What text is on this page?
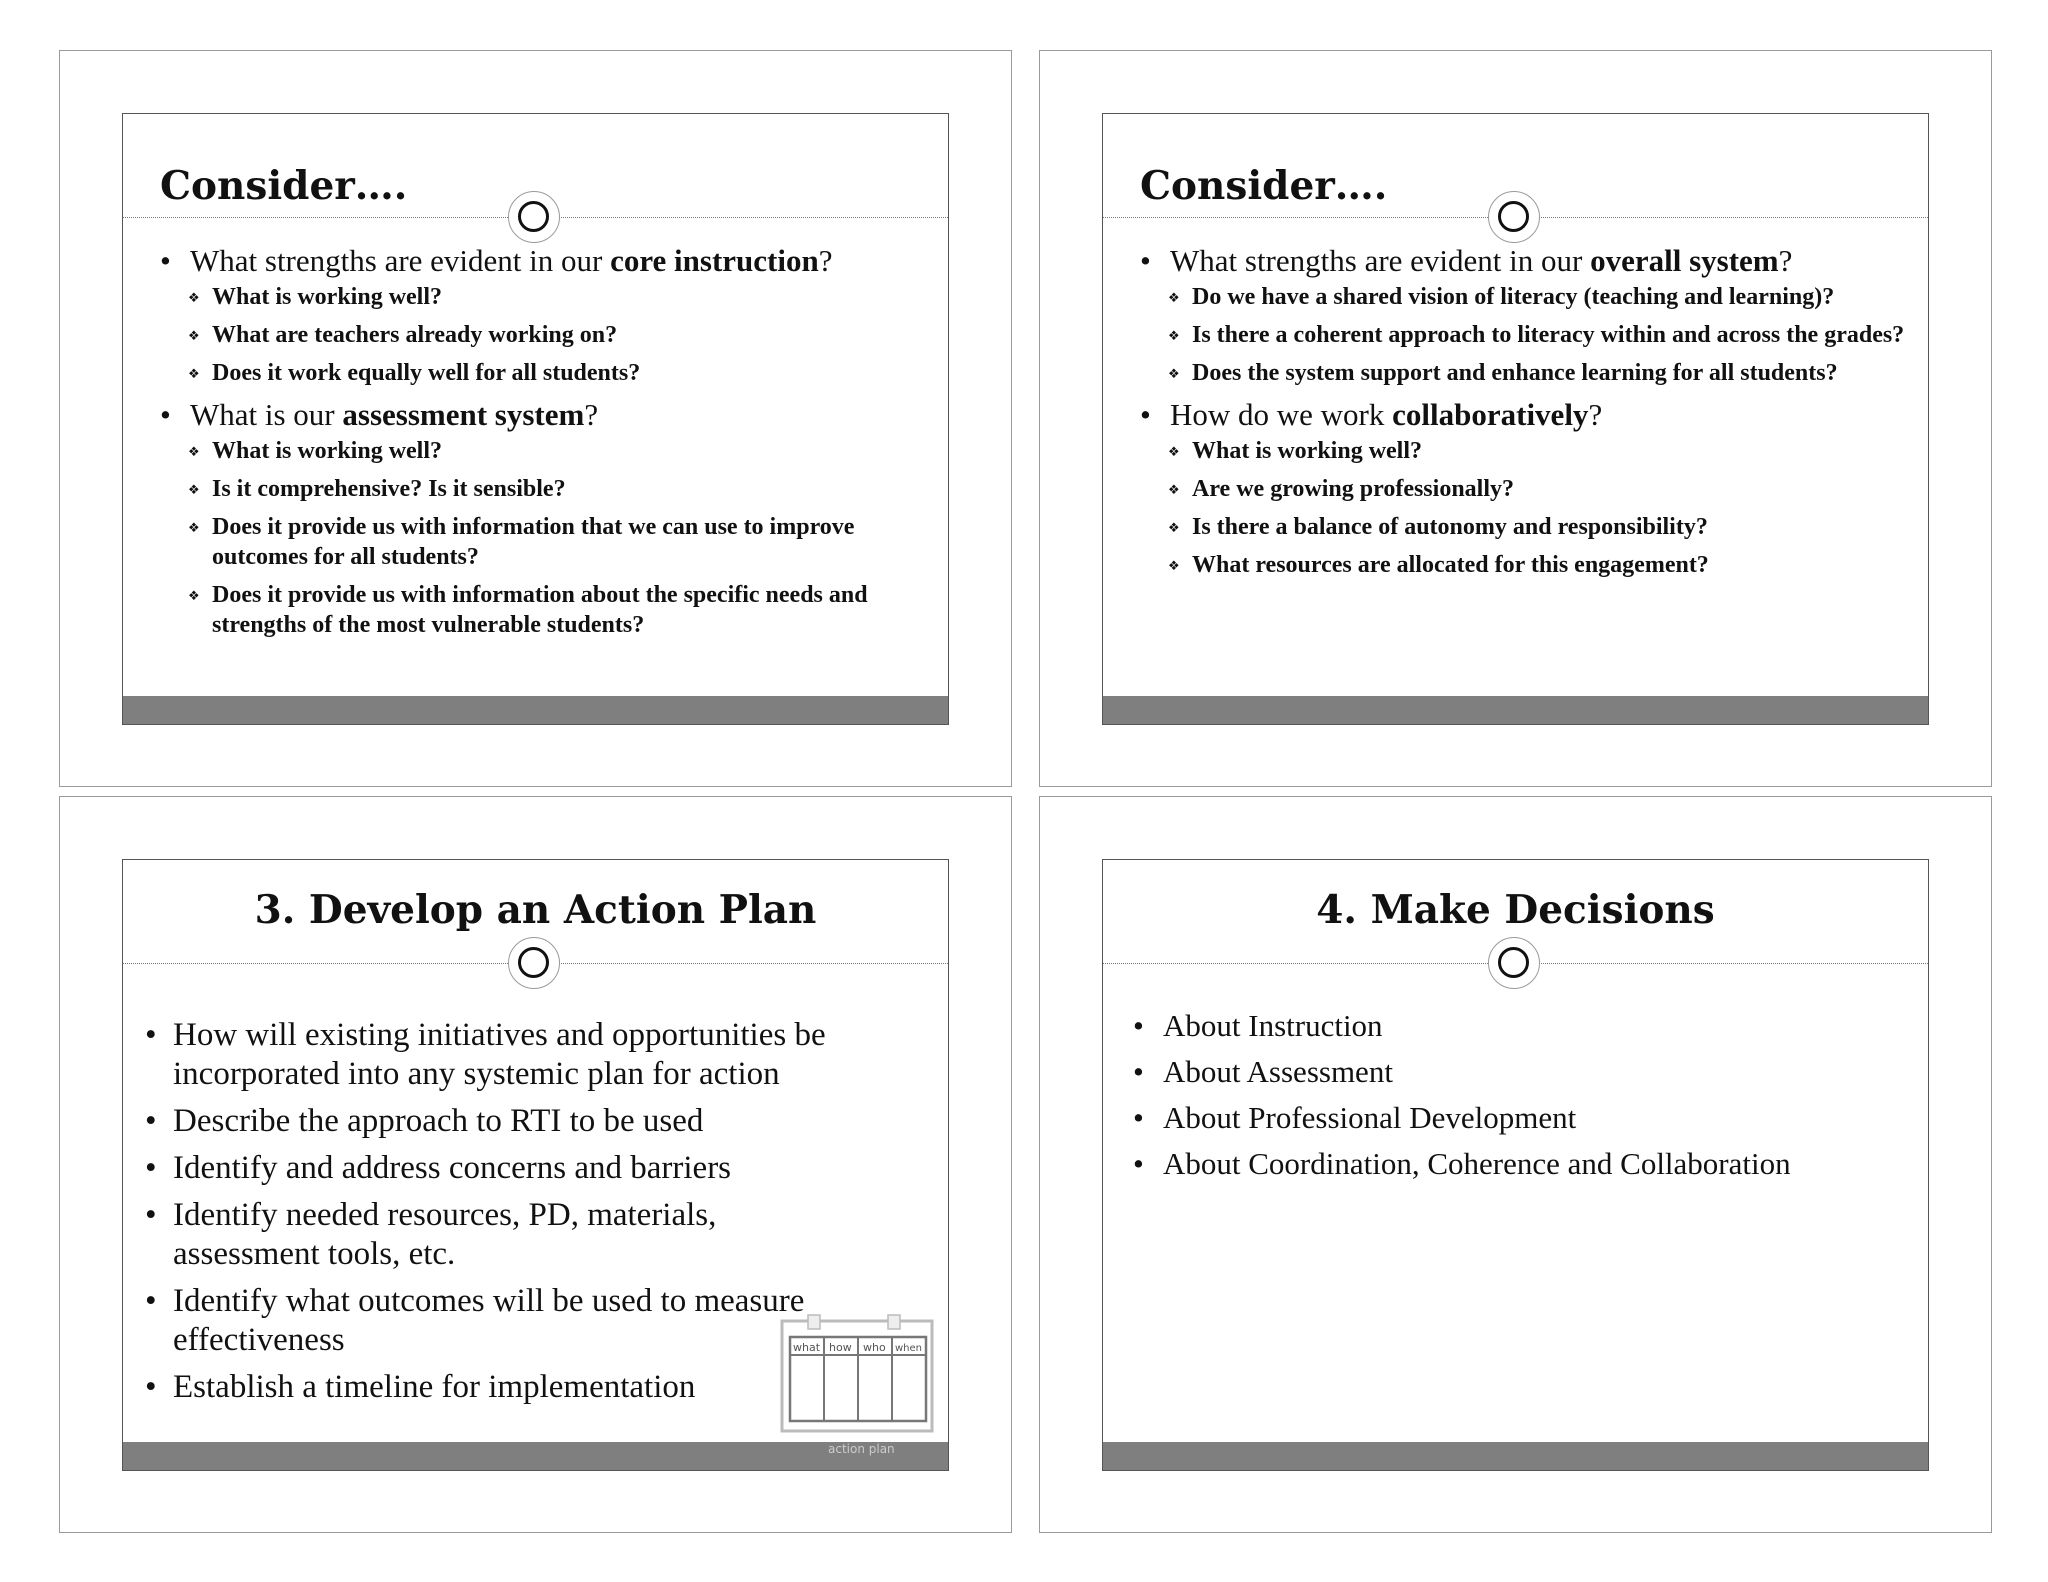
Consider….
• What strengths are evident in our core instruction?
❖ What is working well?
❖ What are teachers already working on?
❖ Does it work equally well for all students?
• What is our assessment system?
❖ What is working well?
❖ Is it comprehensive? Is it sensible?
❖ Does it provide us with information that we can use to improve outcomes for all students?
❖ Does it provide us with information about the specific needs and strengths of the most vulnerable students?
Consider….
• What strengths are evident in our overall system?
❖ Do we have a shared vision of literacy (teaching and learning)?
❖ Is there a coherent approach to literacy within and across the grades?
❖ Does the system support and enhance learning for all students?
• How do we work collaboratively?
❖ What is working well?
❖ Are we growing professionally?
❖ Is there a balance of autonomy and responsibility?
❖ What resources are allocated for this engagement?
3. Develop an Action Plan
• How will existing initiatives and opportunities be incorporated into any systemic plan for action
• Describe the approach to RTI to be used
• Identify and address concerns and barriers
• Identify needed resources, PD, materials, assessment tools, etc.
• Identify what outcomes will be used to measure effectiveness
• Establish a timeline for implementation
what how who when
action plan
4. Make Decisions
• About Instruction
• About Assessment
• About Professional Development
• About Coordination, Coherence and Collaboration
